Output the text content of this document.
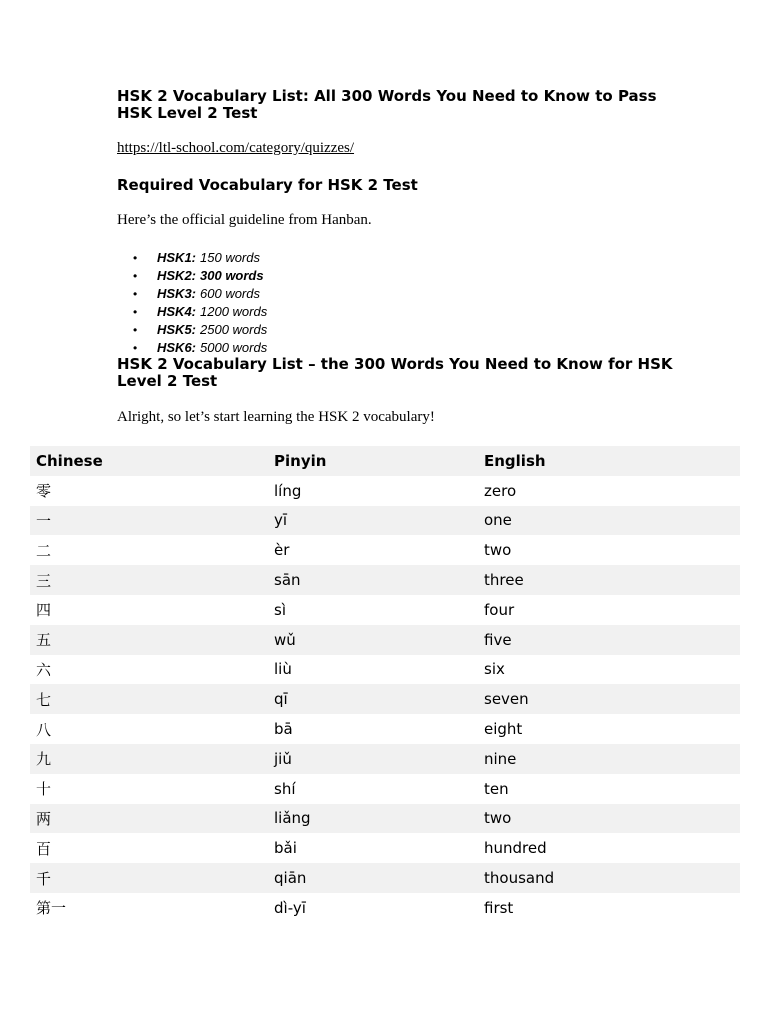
HSK 2 Vocabulary List: All 300 Words You Need to Know to Pass HSK Level 2 Test
https://ltl-school.com/category/quizzes/
Required Vocabulary for HSK 2 Test

Here’s the official guideline from Hanban.

• HSK1: 150 words
• HSK2: 300 words
• HSK3: 600 words
• HSK4: 1200 words
• HSK5: 2500 words
• HSK6: 5000 words
HSK 2 Vocabulary List – the 300 Words You Need to Know for HSK Level 2 Test

Alright, so let’s start learning the HSK 2 vocabulary!

Chinese	Pinyin	English
零	líng	zero
一	yī	one
二	èr	two
三	sān	three
四	sì	four
五	wǔ	five
六	liù	six
七	qī	seven
八	bā	eight
九	jiǔ	nine
十	shí	ten
两	liǎng	two
百	bǎi	hundred
千	qiān	thousand
第一	dì-yī	first
